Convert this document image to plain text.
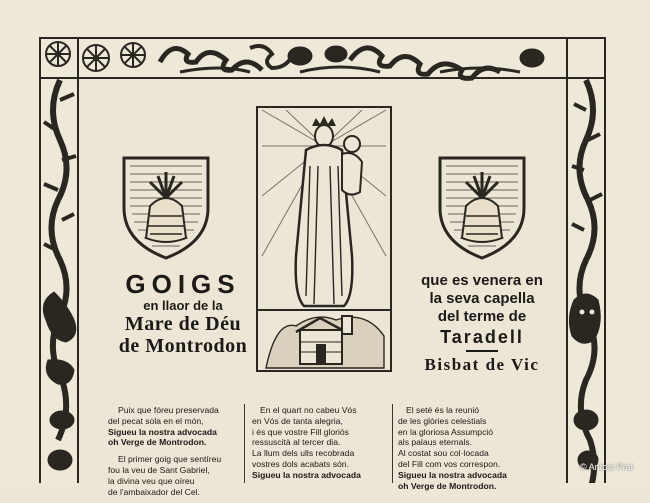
GOIGS
en llaor de la
Mare de Déu
de Montrodon
que es venera en
la seva capella
del terme de
Taradell
Bisbat de Vic

Puix que fóreu preservada
del pecat sola en el món,
Sigueu la nostra advocada
oh Verge de Montrodon.

El primer goig que sentíreu
fou la veu de Sant Gabriel,
la divina veu que oíreu
de l'ambaixador del Cel.

En el quart no cabeu Vós
en Vós de tanta alegria,
i és que vostre Fill gloriós
ressuscità al tercer dia.
La llum dels ulls recobrada
vostres dols acabats són.
Sigueu la nostra advocada

El seté és la reunió
de les glòries celestials
en la gloriosa Assumpció
als palaus eternals.
Al costat sou col·locada
del Fill com vos correspon.
Sigueu la nostra advocada
oh Verge de Montrodon.

© Antoni Prat
